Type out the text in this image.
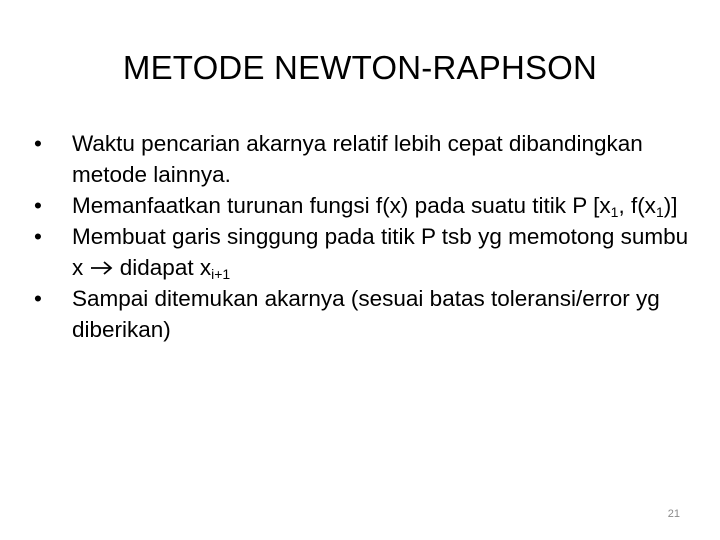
METODE NEWTON-RAPHSON
•	Waktu pencarian akarnya relatif lebih cepat dibandingkan metode lainnya.
•	Memanfaatkan turunan fungsi f(x) pada suatu titik P [$x_1$, $f(x_1)$]
•	Membuat garis singgung pada titik P tsb yg memotong sumbu x  didapat $x_{i+1}$
•	Sampai ditemukan akarnya (sesuai batas toleransi/error yg diberikan)
21
